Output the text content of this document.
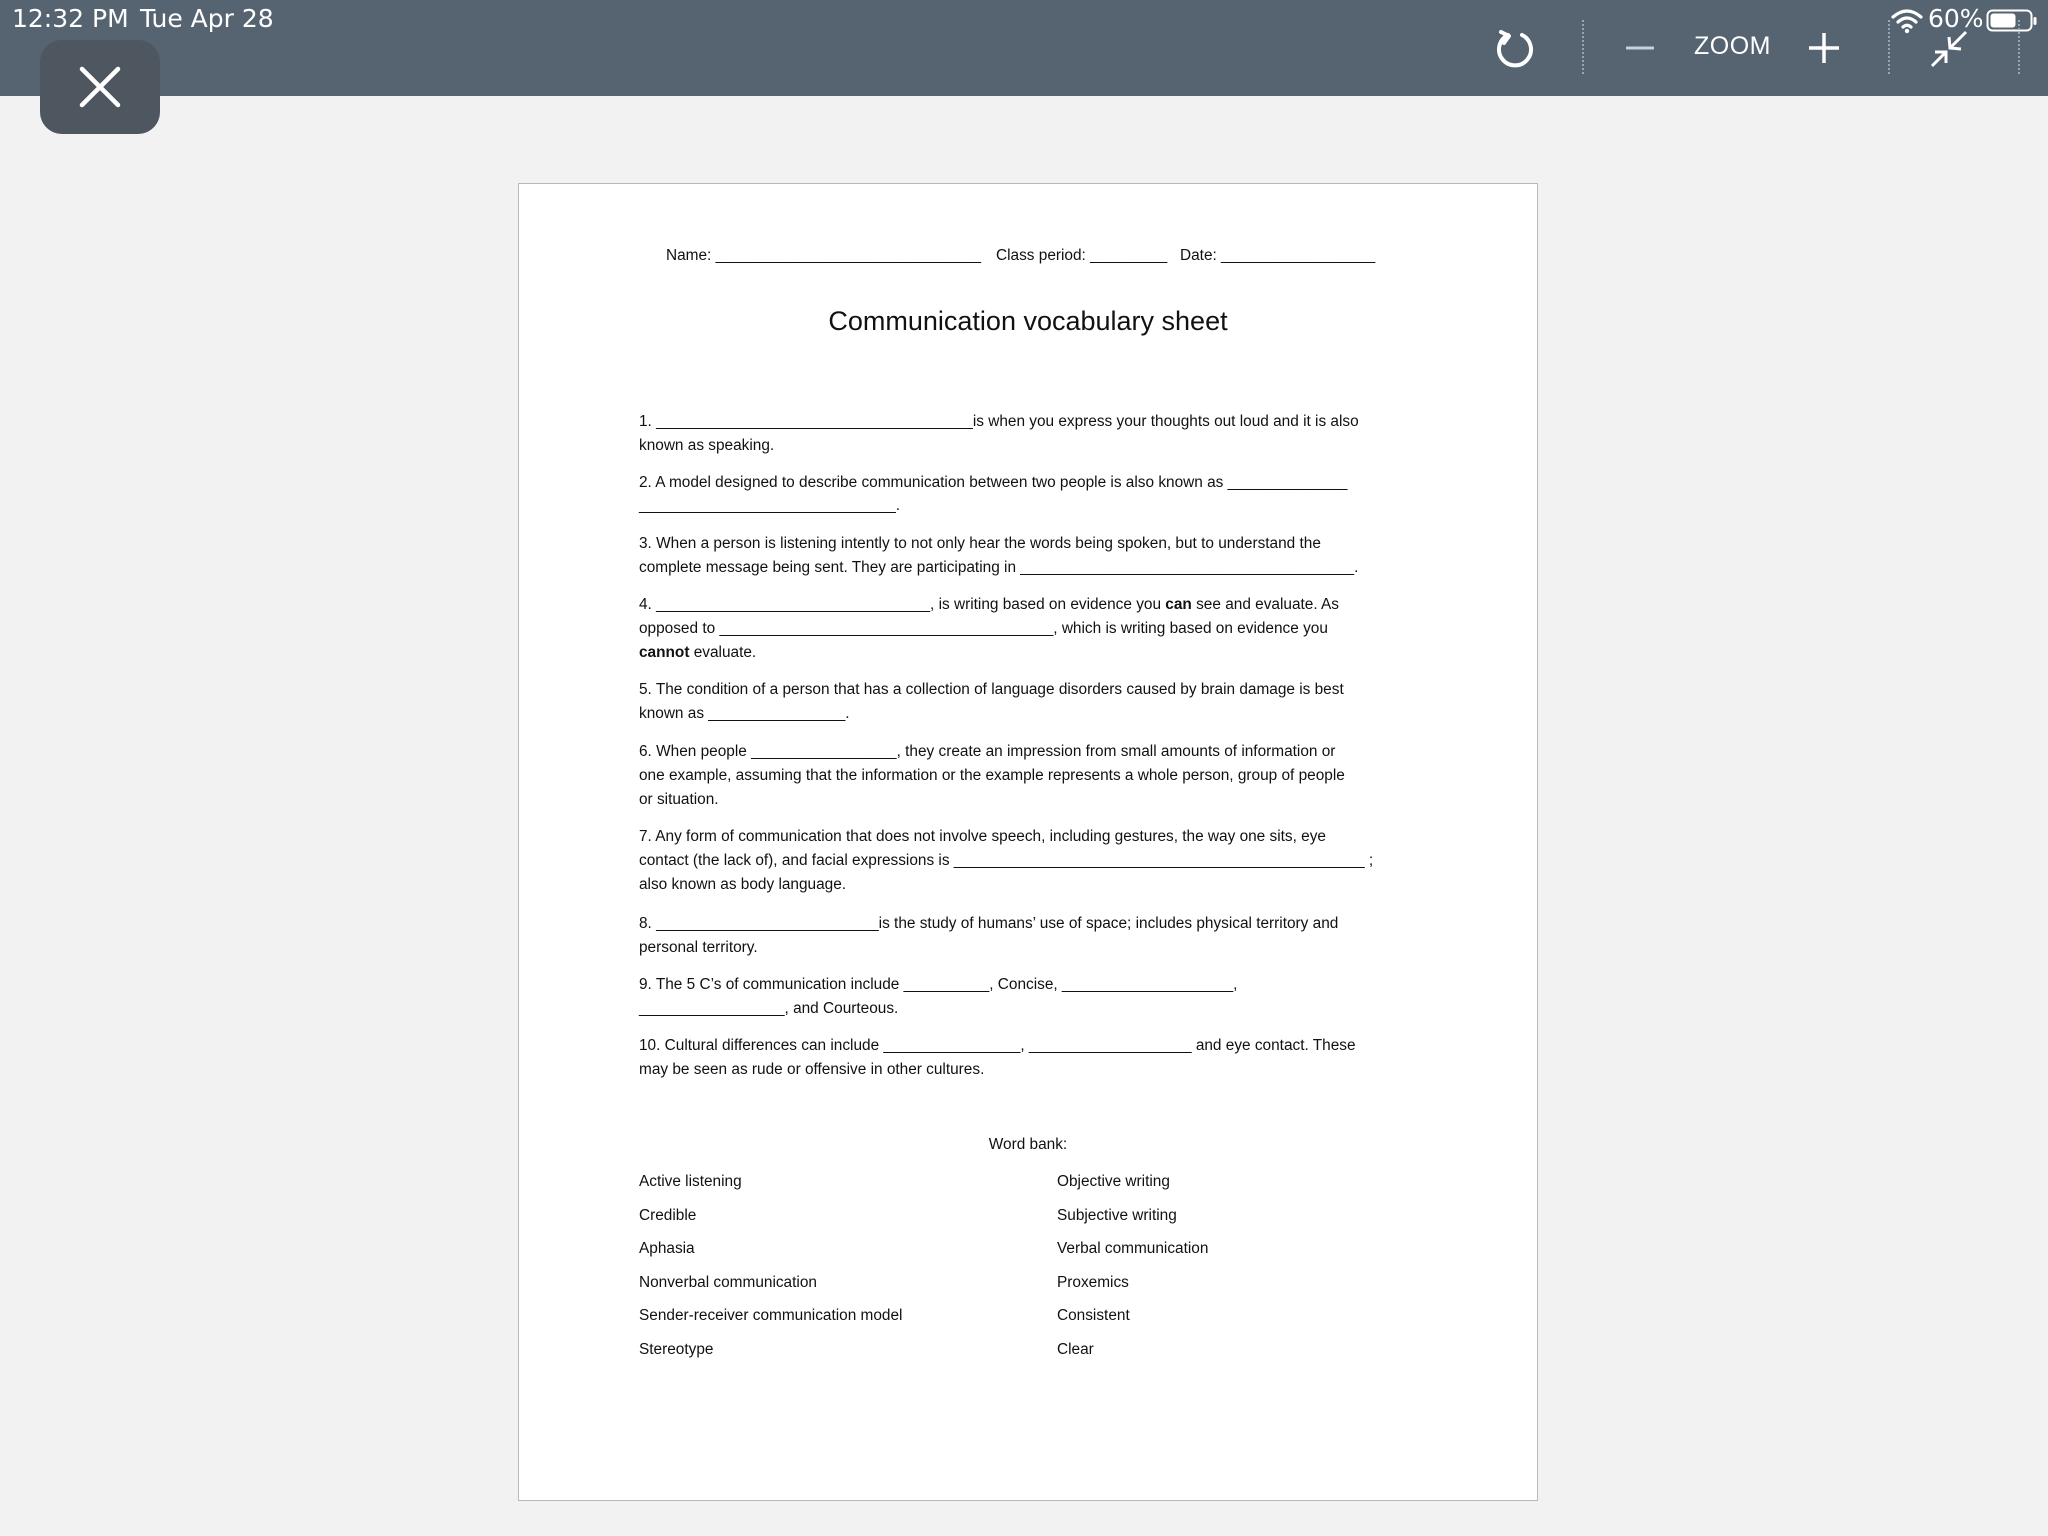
12:32 PM Tue Apr 28	60%
ZOOM
Name: _______________________________ Class period: _________ Date: __________________
Communication vocabulary sheet
1. _____________________________________is when you express your thoughts out loud and it is also
known as speaking.
2. A model designed to describe communication between two people is also known as ______________
______________________________.
3. When a person is listening intently to not only hear the words being spoken, but to understand the
complete message being sent. They are participating in _______________________________________.
4. ________________________________, is writing based on evidence you can see and evaluate. As
opposed to _______________________________________, which is writing based on evidence you
cannot evaluate.
5. The condition of a person that has a collection of language disorders caused by brain damage is best
known as ________________.
6. When people _________________, they create an impression from small amounts of information or
one example, assuming that the information or the example represents a whole person, group of people
or situation.
7. Any form of communication that does not involve speech, including gestures, the way one sits, eye
contact (the lack of), and facial expressions is ________________________________________________ ;
also known as body language.
8. __________________________is the study of humans’ use of space; includes physical territory and
personal territory.
9. The 5 C’s of communication include __________, Concise, ____________________,
_________________, and Courteous.
10. Cultural differences can include ________________, ___________________ and eye contact. These
may be seen as rude or offensive in other cultures.
Word bank:
Active listening
Credible
Aphasia
Nonverbal communication
Sender-receiver communication model
Stereotype
Objective writing
Subjective writing
Verbal communication
Proxemics
Consistent
Clear
